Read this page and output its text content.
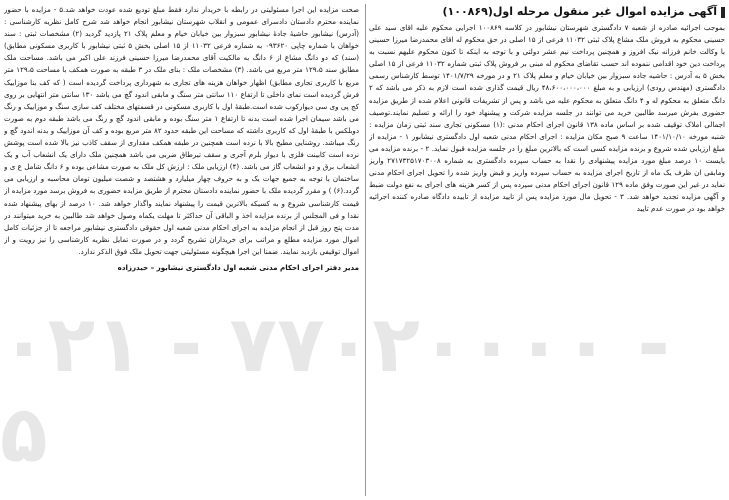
آگهی مزایده اموال غیر منقول مرحله اول(۱۰۰۸۶۹)

بموجب اجرائیه صادره از شعبه ۷ دادگستری شهرستان نیشابور در کلاسه ۱۰۰۸۶۹ اجرایی محکوم علیه اقای سید علی حسینی محکوم به فروش ملک مشاع پلاک ثبتی ۱۱۰۳۲ فرعی از ۱۵ اصلی در حق محکوم له اقای محمدرضا میرزا حسینی با وکالت خانم فرزانه نیک افروز و همچنین پرداخت نیم عشر دولتی و با توجه به اینکه تا کنون محکوم علیهم نسبت به پرداخت دین خود اقدامی ننموده اند حسب تقاضای محکوم له مبنی بر فروش پلاک ثبتی شماره ۱۱۰۳۲ فرعی از ۱۵ اصلی بخش ۵ به آدرس : حاشیه جاده سبزوار بین خیابان خیام و معلم پلاک ۲۱ و در مورخه ۱۴۰۱/۷/۲۹ توسط کارشناس رسمی دادگستری (مهندس رودی) ارزیابی و به مبلغ ۴۸،۶۰۰،۰۰۰،۰۰۰ ریال قیمت گذاری شده است لازم به ذکر می باشد که ۲ دانگ متعلق به محکوم له و ۴ دانگ متعلق به محکوم علیه می باشد و پس از تشریفات قانونی اعلام شده از طریق مزایده حضوری بفرش میرسد طالبین خرید می توانند در جلسه مزایده شرکت و پیشنهاد خود را ارائه و تسلیم نمایند.توصیف اجمالی املاک توقیف شده بر اساس ماده ۱۳۸ قانون اجرای احکام مدنی :(۱) مسکونی تجاری سند ثبتی زمان مزایده : شنبه مورخه ۱۴۰۱/۱۰/۱۰ ساعت ۹ صبح مکان مزایده : اجرای احکام مدنی شعبه اول دادگستری نیشابور ۱ - مزایده از مبلغ ارزیابی شده شروع و برنده مزایده کسی است که بالاترین مبلغ را در جلسه مزایده قبول نماید. ۲ - برنده مزایده می بایست ۱۰ درصد مبلغ مورد مزایده پیشنهادی را نقدا به حساب سپرده دادگستری به شماره ۲۷۱۷۳۲۵۱۷۰۳۰۰۸ واریز ومابقی ان ظرف یک ماه از تاریخ اجرای مزایده به حساب سپرده واریز و قبض واریز شده را تحویل اجرای احکام مدنی نماید در غیر این صورت وفق ماده ۱۲۹ قانون اجرای احکام مدنی سپرده پس از کسر هزینه های اجرای به نفع دولت ضبط و آگهی مزایده تجدید خواهد شد. ۳ - تحویل مال مورد مزایده پس از تایید مزایده از تاییده دادگاه صادره کننده اجرائیه خواهد بود در صورت عدم تایید

صحت مزایده این اجرا مسئولیتی در رابطه با خریدار ندارد فقط مبلغ تودیع شده عودت خواهد شد.۵ - مزایده با حضور نماینده محترم دادستان دادسرای عمومی و انقلاب شهرستان نیشابور انجام خواهد شد شرح کامل نظریه کارشناسی : (آدرس) نیشابور حاشیۀ جادۀ نیشابور سبزوار بین خیابان خیام و معلم پلاک ۲۱ پازدید گردید (۲) مشخصات ثبتی : سند خواهان با شماره چاپی ۰۹۳۶۲۰ به شماره فرعی ۱۱۰۳۲ از ۱۵ اصلی بخش ۵ ثبتی نیشابور با کاربری مسکونی مطابق) (سند) که دو دانگ مشاع از ۶ دانگ به مالکیت آقای محمدرضا میرزا حسینی فرزند علی اکبر می باشد. مساحت ملک مطابق سند ۱۲۹،۵ متر مربع می باشد. (۳) مشخصات ملک : بنای ملک در ۳ طبقه به صورت همکف با مساحت ۱۲۹،۵ متر مربع با کاربری تجاری مطابق) اظهار خواهان هزینه های تجاری به شهرداری پرداخت گردیده است ( که کف بنا موزاییک فرش گردیده است نمای داخلی تا ارتفاع ۱۱۰ سانتی متر سنگ و مابقی اندود گچ می باشد ۱۳۰ سانتی متر انتهایی بر روی کج پی وی سی دیوارکوب شده است.طبقهٔ اول با کاربری مسکونی در قسمتهای مختلف کف سازی سنگ و موزاییک و رنگ می باشد سیمان اجرا شده است بدنه تا ارتفاع ۱ متر سنگ بوده و مابقی اندود گچ و رنگ می باشد طبقه دوم به صورت دوبلکس با طبقهٔ اول که کاربری داشته که مساحت این طبقه حدود ۸۲ متر مربع بوده و کف آن موزاییک و بدنه اندود گچ و رنگ میباشد. روشنایی مطبخ بالا با نرده است همچنین در طبقه همکف مقداری از سقف کاذب نیز بالا شده است پوشش نرده است کابینت فلزی با دیوار بلرم آجری و سقف تیرطاق ضربی می باشد همچنین ملک دارای یک انشعاب آب و یک انشعاب برق و دو انشعاب گاز می باشد. (۴) ارزیابی ملک : ارزش کل ملک به صورت مشاعی بوده و ۶ دانگ شامل ع ی و ساختمان با توجه به جمیع جهات یک و به حروف چهار میلیارد و هشتصد و شصت میلیون تومان محاسبه و ارزیابی می گردد.(۶) ) و مقرر گردیده ملک با حضور نماینده دادستان محترم از طریق مزایده حضوری به فروش برسد مورد مزایده از قیمت کارشناسی شروع و به کسیکه بالاترین قیمت را پیشنهاد نمایند واگذار خواهد شد. ۱۰ درصد از بهای پیشنهاد شده نقدا و فی المجلس از برنده مزایده اخذ و الباقی آن حداکثر تا مهلت یکماه وصول خواهد شد طالبین به خرید میتوانند در مدت پنج روز قبل از انجام مزایده به اجرای احکام مدنی شعبه اول حقوقی دادگستری نیشابور مراجعه تا از جزئیات کامل اموال مورد مزایده مطلع و مراتب برای خریداران تشریح گردد و در صورت تمایل نظریه کارشناسی را نیز رویت و از اموال توقیفی بازدید نمایند. ضمنا این اجرا هیچگونه مسئولیتی جهت تحویل ملک فوق الذکر ندارد.

مدیر دفتر اجرای احکام مدنی شعبه اول دادگستری نیشابور – حیدرزاده
۰۲۱ - ۷۷۰۲۰۰۰۰ - ۵
